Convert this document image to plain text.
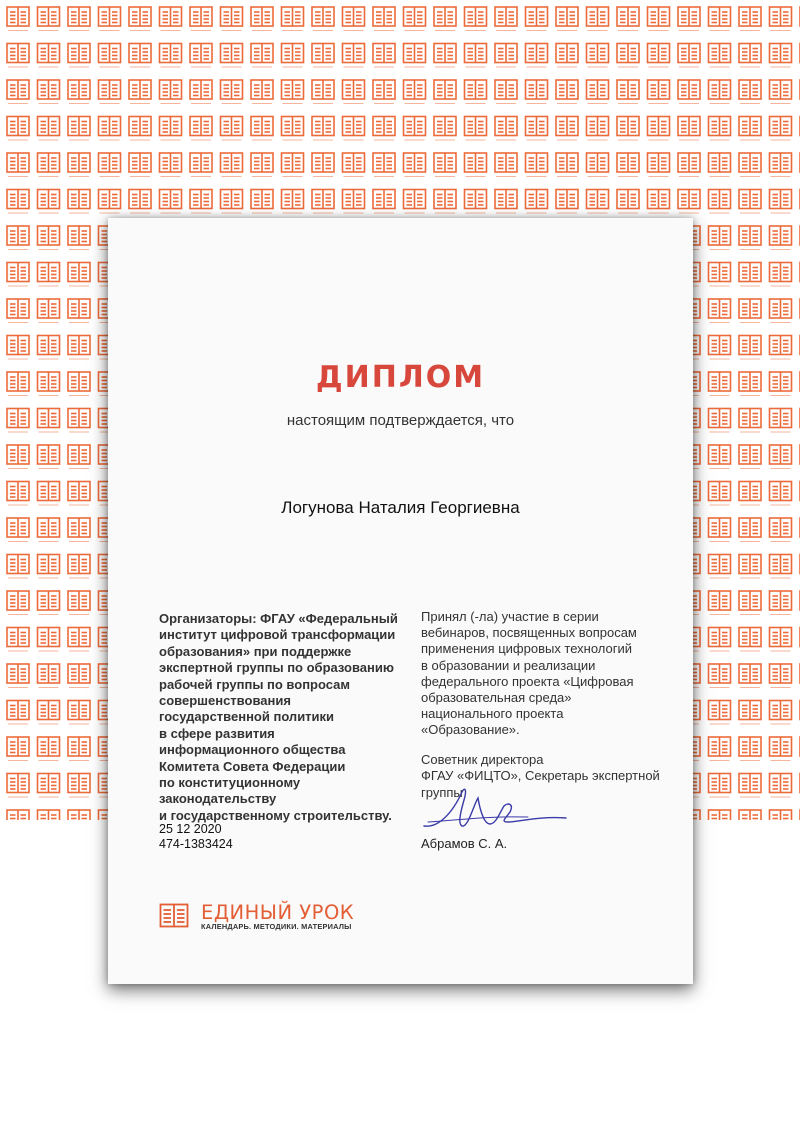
ДИПЛОМ
настоящим подтверждается, что
Логунова Наталия Георгиевна
Организаторы: ФГАУ «Федеральный
институт цифровой трансформации
образования» при поддержке
экспертной группы по образованию
рабочей группы по вопросам
совершенствования
государственной политики
в сфере развития
информационного общества
Комитета Совета Федерации
по конституционному
законодательству
и государственному строительству.
25 12 2020
474-1383424
Принял (-ла) участие в серии
вебинаров, посвященных вопросам
применения цифровых технологий
в образовании и реализации
федерального проекта «Цифровая
образовательная среда»
национального проекта
«Образование».
Советник директора
ФГАУ «ФИЦТО», Секретарь экспертной
группы
Абрамов С. А.
ЕДИНЫЙ УРОК
КАЛЕНДАРЬ. МЕТОДИКИ. МАТЕРИАЛЫ
